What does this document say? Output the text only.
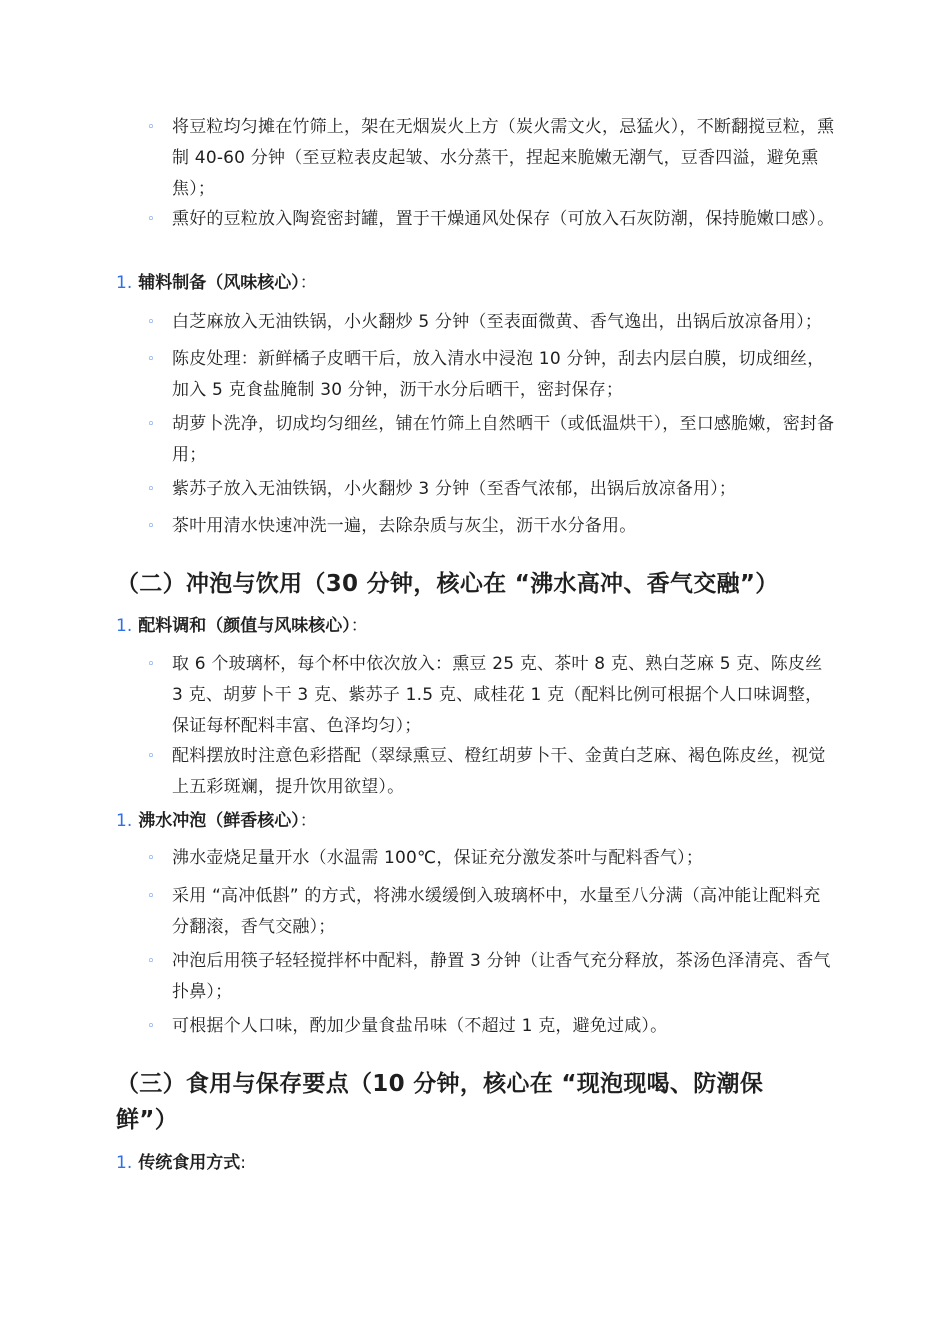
◦ 将豆粒均匀摊在竹筛上，架在无烟炭火上方（炭火需文火，忌猛火），不断翻搅豆粒，熏制 40-60 分钟（至豆粒表皮起皱、水分蒸干，捏起来脆嫩无潮气，豆香四溢，避免熏焦）；
◦ 熏好的豆粒放入陶瓷密封罐，置于干燥通风处保存（可放入石灰防潮，保持脆嫩口感）。
1. 辅料制备（风味核心）：
◦ 白芝麻放入无油铁锅，小火翻炒 5 分钟（至表面微黄、香气逸出，出锅后放凉备用）；
◦ 陈皮处理：新鲜橘子皮晒干后，放入清水中浸泡 10 分钟，刮去内层白膜，切成细丝，加入 5 克食盐腌制 30 分钟，沥干水分后晒干，密封保存；
◦ 胡萝卜洗净，切成均匀细丝，铺在竹筛上自然晒干（或低温烘干），至口感脆嫩，密封备用；
◦ 紫苏子放入无油铁锅，小火翻炒 3 分钟（至香气浓郁，出锅后放凉备用）；
◦ 茶叶用清水快速冲洗一遍，去除杂质与灰尘，沥干水分备用。
（二）冲泡与饮用（30 分钟，核心在 “沸水高冲、香气交融”）
1. 配料调和（颜值与风味核心）：
◦ 取 6 个玻璃杯，每个杯中依次放入：熏豆 25 克、茶叶 8 克、熟白芝麻 5 克、陈皮丝 3 克、胡萝卜干 3 克、紫苏子 1.5 克、咸桂花 1 克（配料比例可根据个人口味调整，保证每杯配料丰富、色泽均匀）；
◦ 配料摆放时注意色彩搭配（翠绿熏豆、橙红胡萝卜干、金黄白芝麻、褐色陈皮丝，视觉上五彩斑斓，提升饮用欲望）。
1. 沸水冲泡（鲜香核心）：
◦ 沸水壶烧足量开水（水温需 100℃，保证充分激发茶叶与配料香气）；
◦ 采用 “高冲低斟” 的方式，将沸水缓缓倒入玻璃杯中，水量至八分满（高冲能让配料充分翻滚，香气交融）；
◦ 冲泡后用筷子轻轻搅拌杯中配料，静置 3 分钟（让香气充分释放，茶汤色泽清亮、香气扑鼻）；
◦ 可根据个人口味，酌加少量食盐吊味（不超过 1 克，避免过咸）。
（三）食用与保存要点（10 分钟，核心在 “现泡现喝、防潮保
鲜”）
1. 传统食用方式:
